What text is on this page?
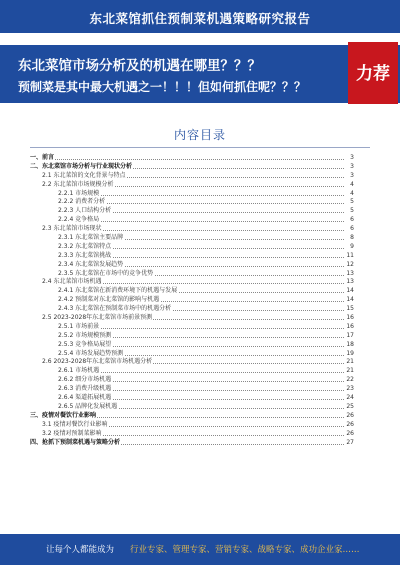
东北菜馆抓住预制菜机遇策略研究报告
东北菜馆市场分析及的机遇在哪里？？？
预制菜是其中最大机遇之一！！！但如何抓住呢？？？
力荐
内容目录
一、前言	3
二、东北菜馆市场分析与行业现状分析	3
2.1 东北菜馆的文化背景与特点	3
2.2 东北菜馆市场规模分析	4
2.2.1 市场规模	4
2.2.2 消费者分析	5
2.2.3 人口结构分析	5
2.2.4 竞争格局	6
2.3 东北菜馆市场现状	6
2.3.1 东北菜馆主要品牌	8
2.3.2 东北菜馆特点	9
2.3.3 东北菜馆挑战	11
2.3.4 东北菜馆发展趋势	12
2.3.5 东北菜馆在市场中的竞争优势	13
2.4 东北菜馆市场机遇	13
2.4.1 东北菜馆在新消费环境下的机遇与发展	14
2.4.2 预制菜对东北菜馆的影响与机遇	14
2.4.3 东北菜馆在预制菜市场中的机遇分析	15
2.5 2023-2028年东北菜馆市场前景预测	16
2.5.1 市场前景	16
2.5.2 市场规模预测	17
2.5.3 竞争格局展望	18
2.5.4 市场发展趋势预测	19
2.6 2023-2028年东北菜馆市场机遇分析	21
2.6.1 市场机遇	21
2.6.2 细分市场机遇	22
2.6.3 消费升级机遇	23
2.6.4 渠道拓展机遇	24
2.6.5 品牌化发展机遇	25
三、疫情对餐饮行业影响	26
3.1 疫情对餐饮行业影响	26
3.2 疫情对预制菜影响	26
四、抢抓下预制菜机遇与策略分析	27
让每个人都能成为 行业专家、管理专家、营销专家、战略专家、成功企业家……
